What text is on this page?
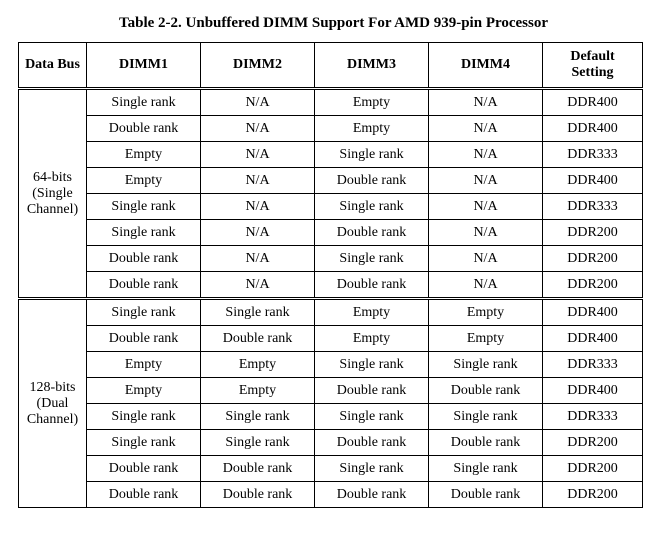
Table 2-2. Unbuffered DIMM Support For AMD 939-pin Processor
Data Bus	DIMM1	DIMM2	DIMM3	DIMM4	Default
Setting
64-bits
(Single
Channel)	Single rank	N/A	Empty	N/A	DDR400
	Double rank	N/A	Empty	N/A	DDR400
	Empty	N/A	Single rank	N/A	DDR333
	Empty	N/A	Double rank	N/A	DDR400
	Single rank	N/A	Single rank	N/A	DDR333
	Single rank	N/A	Double rank	N/A	DDR200
	Double rank	N/A	Single rank	N/A	DDR200
	Double rank	N/A	Double rank	N/A	DDR200
128-bits
(Dual
Channel)	Single rank	Single rank	Empty	Empty	DDR400
	Double rank	Double rank	Empty	Empty	DDR400
	Empty	Empty	Single rank	Single rank	DDR333
	Empty	Empty	Double rank	Double rank	DDR400
	Single rank	Single rank	Single rank	Single rank	DDR333
	Single rank	Single rank	Double rank	Double rank	DDR200
	Double rank	Double rank	Single rank	Single rank	DDR200
	Double rank	Double rank	Double rank	Double rank	DDR200
